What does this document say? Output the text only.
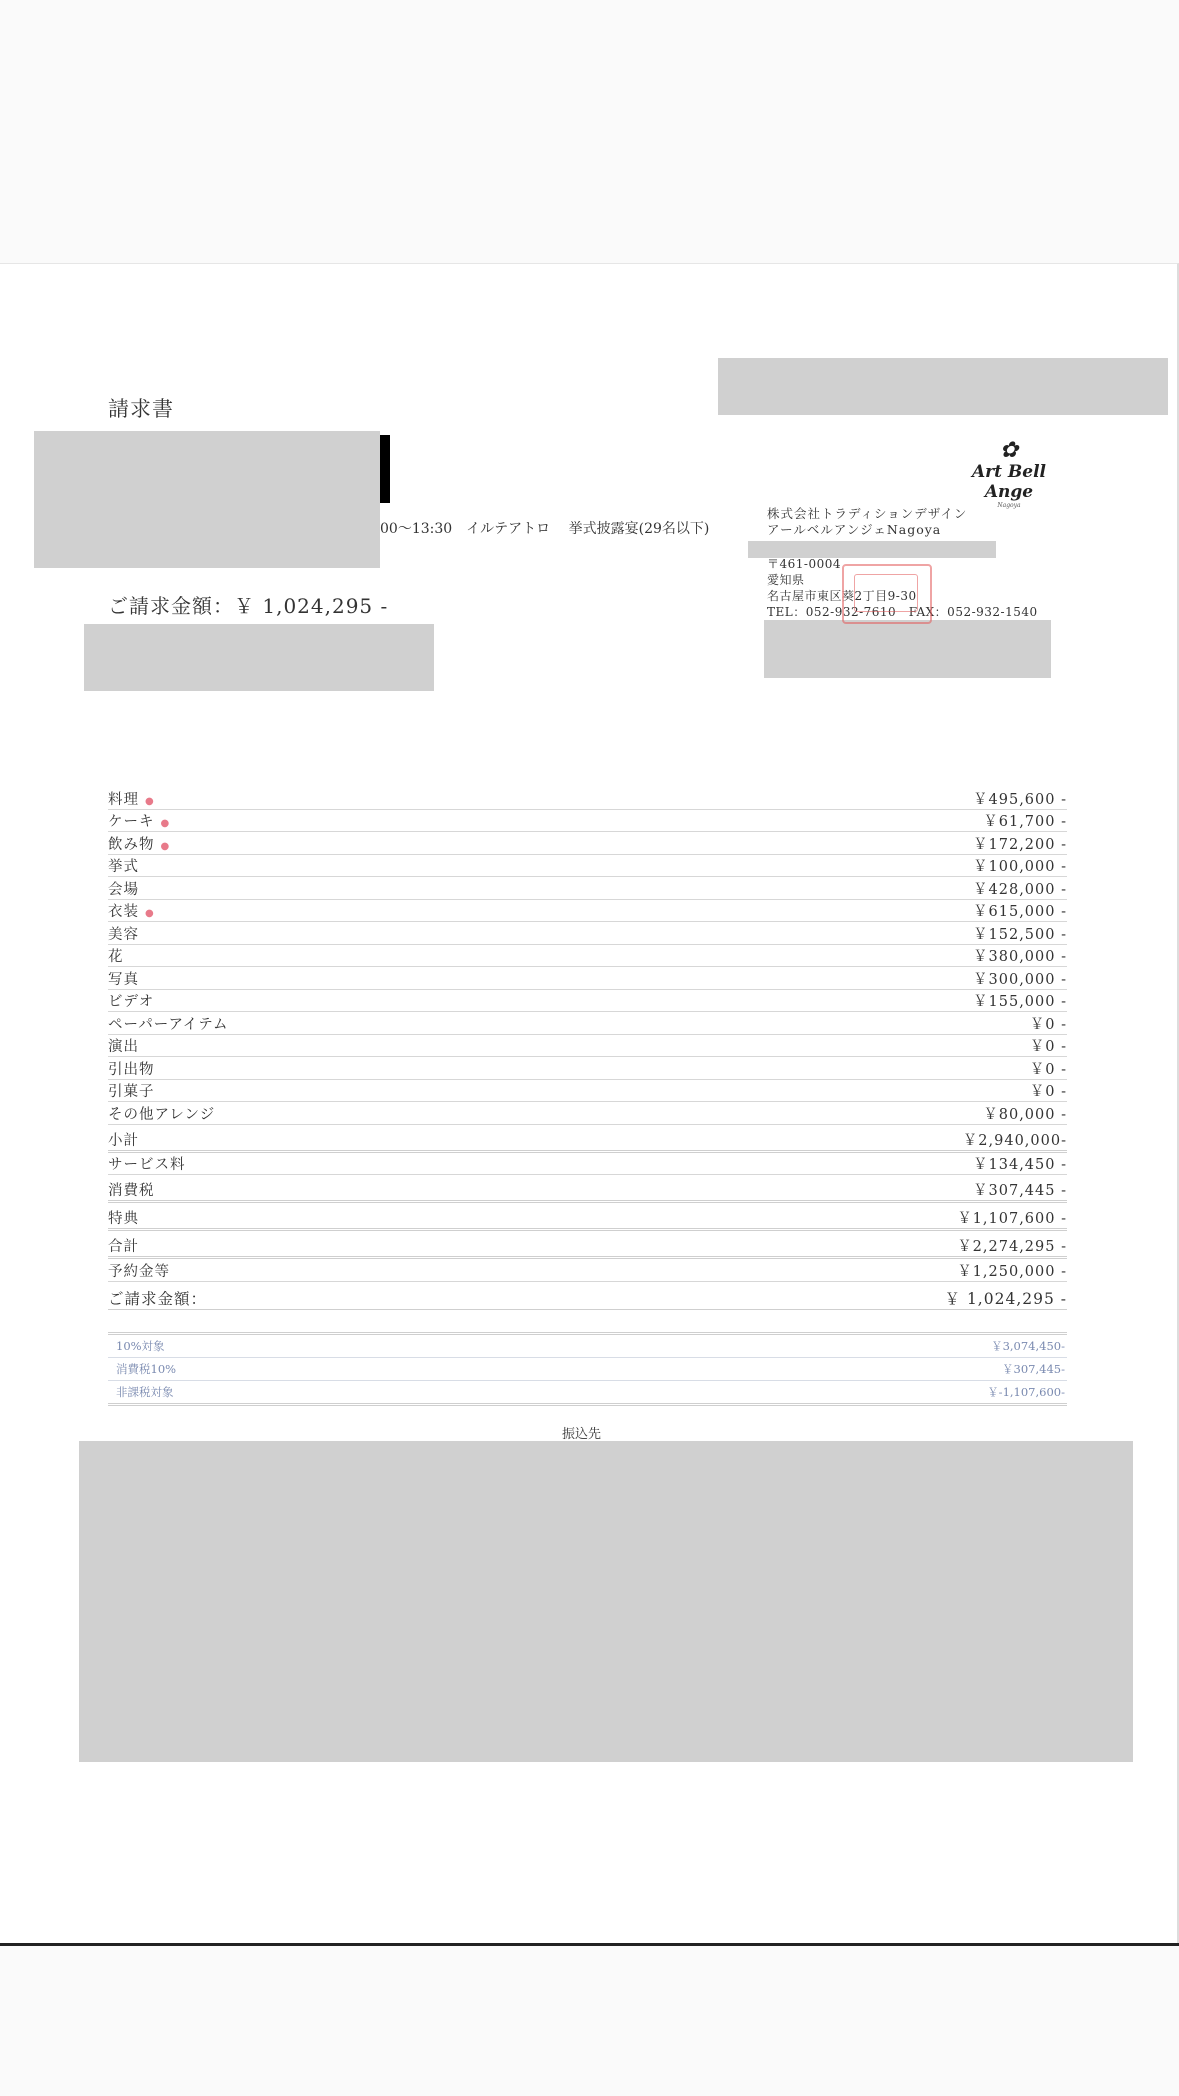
請求書
00〜13:30　イルテアトロ　 挙式披露宴(29名以下)
ご請求金額：￥ 1,024,295 -
✿
Art Bell Ange
Nagoya
株式会社トラディションデザイン
アールベルアンジェNagoya
〒461-0004
愛知県
名古屋市東区葵2丁目9-30
TEL：052-932-7610　FAX：052-932-1540
料理 ●	￥495,600 -
ケーキ ●	￥61,700 -
飲み物 ●	￥172,200 -
挙式	￥100,000 -
会場	￥428,000 -
衣装 ●	￥615,000 -
美容	￥152,500 -
花	￥380,000 -
写真	￥300,000 -
ビデオ	￥155,000 -
ペーパーアイテム	￥0 -
演出	￥0 -
引出物	￥0 -
引菓子	￥0 -
その他アレンジ	￥80,000 -
小計	￥2,940,000-
サービス料	￥134,450 -
消費税	￥307,445 -
特典	￥1,107,600 -
合計	￥2,274,295 -
予約金等	￥1,250,000 -
ご請求金額：	￥ 1,024,295 -
10%対象	￥3,074,450-
消費税10%	￥307,445-
非課税対象	￥-1,107,600-
振込先
